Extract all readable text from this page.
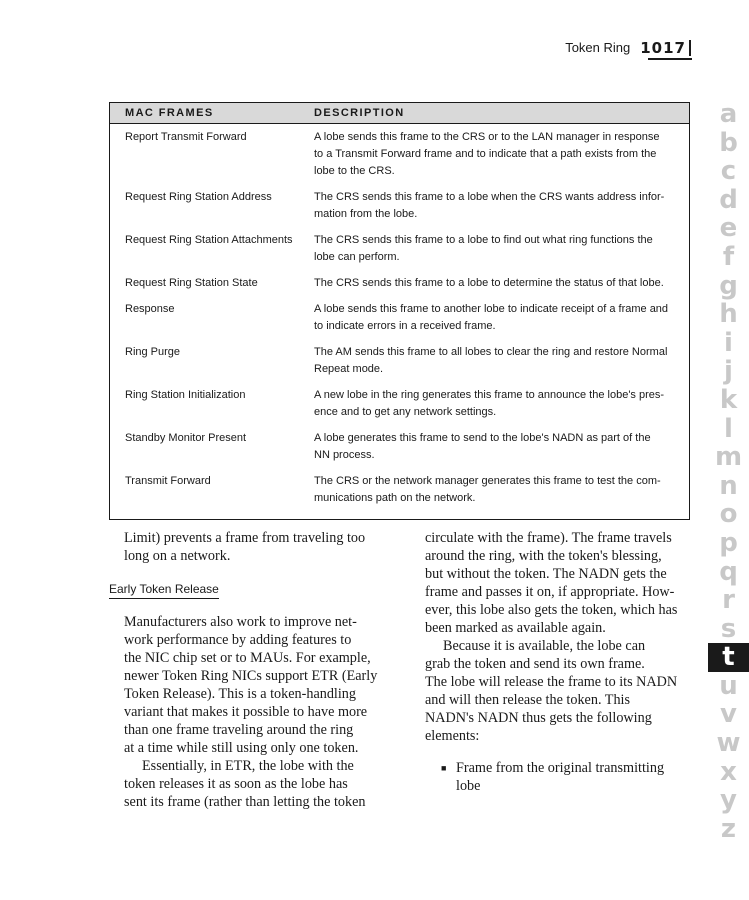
Token Ring 1017
MAC FRAMES	DESCRIPTION
Report Transmit Forward	A lobe sends this frame to the CRS or to the LAN manager in response
to a Transmit Forward frame and to indicate that a path exists from the
lobe to the CRS.
Request Ring Station Address	The CRS sends this frame to a lobe when the CRS wants address infor-
mation from the lobe.
Request Ring Station Attachments	The CRS sends this frame to a lobe to find out what ring functions the
lobe can perform.
Request Ring Station State	The CRS sends this frame to a lobe to determine the status of that lobe.
Response	A lobe sends this frame to another lobe to indicate receipt of a frame and
to indicate errors in a received frame.
Ring Purge	The AM sends this frame to all lobes to clear the ring and restore Normal
Repeat mode.
Ring Station Initialization	A new lobe in the ring generates this frame to announce the lobe's pres-
ence and to get any network settings.
Standby Monitor Present	A lobe generates this frame to send to the lobe's NADN as part of the
NN process.
Transmit Forward	The CRS or the network manager generates this frame to test the com-
munications path on the network.

Limit) prevents a frame from traveling too
long on a network.

Early Token Release

Manufacturers also work to improve net-
work performance by adding features to
the NIC chip set or to MAUs. For example,
newer Token Ring NICs support ETR (Early
Token Release). This is a token-handling
variant that makes it possible to have more
than one frame traveling around the ring
at a time while still using only one token.

Essentially, in ETR, the lobe with the
token releases it as soon as the lobe has
sent its frame (rather than letting the token

circulate with the frame). The frame travels
around the ring, with the token's blessing,
but without the token. The NADN gets the
frame and passes it on, if appropriate. How-
ever, this lobe also gets the token, which has
been marked as available again.

Because it is available, the lobe can
grab the token and send its own frame.
The lobe will release the frame to its NADN
and will then release the token. This
NADN's NADN thus gets the following
elements:

■ Frame from the original transmitting
lobe
a
b
c
d
e
f
g
h
i
j
k
l
m
n
o
p
q
r
s
t
u
v
w
x
y
z
